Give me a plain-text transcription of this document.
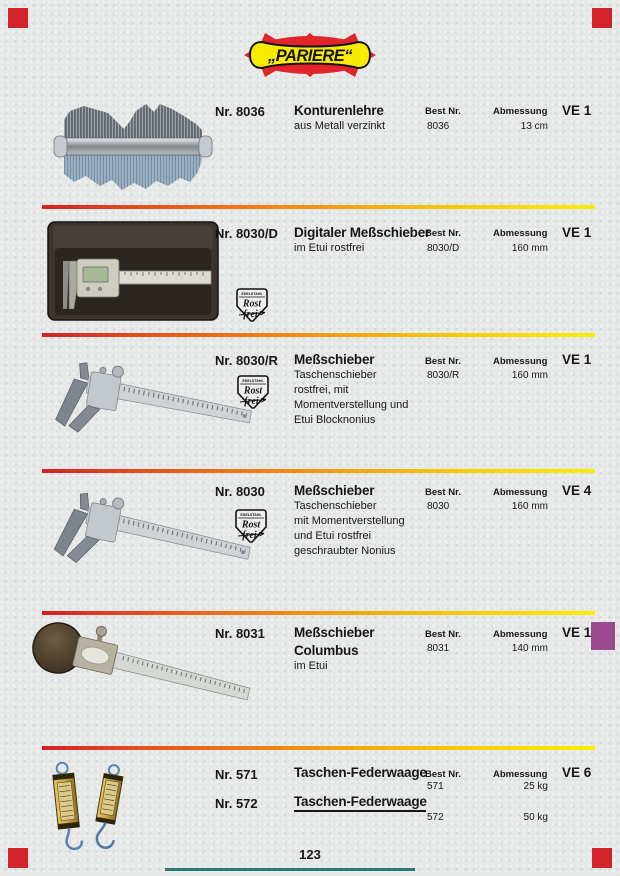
„PARIERE“
Nr. 8036 Konturenlehre
aus Metall verzinkt
Best Nr.
8036
Abmessung
13 cm
VE 1
EDELSTAHL
Rost
frei
Nr. 8030/D Digitaler Meßschieber
im Etui rostfrei
Best Nr.
8030/D
Abmessung
160 mm
VE 1
EDELSTAHL
Rost
frei
Nr. 8030/R Meßschieber
Taschenschieber
rostfrei, mit
Momentverstellung und
Etui Blocknonius
Best Nr.
8030/R
Abmessung
160 mm
VE 1
EDELSTAHL
Rost
frei
Nr. 8030 Meßschieber
Taschenschieber
mit Momentverstellung
und Etui rostfrei
geschraubter Nonius
Best Nr.
8030
Abmessung
160 mm
VE 4
Nr. 8031 Meßschieber
Columbus
im Etui
Best Nr.
8031
Abmessung
140 mm
VE 1
Nr. 571	Taschen-Federwaage
Best Nr.
571
Abmessung
25 kg
VE 6
Nr. 572	Taschen-Federwaage
572	50 kg
123
